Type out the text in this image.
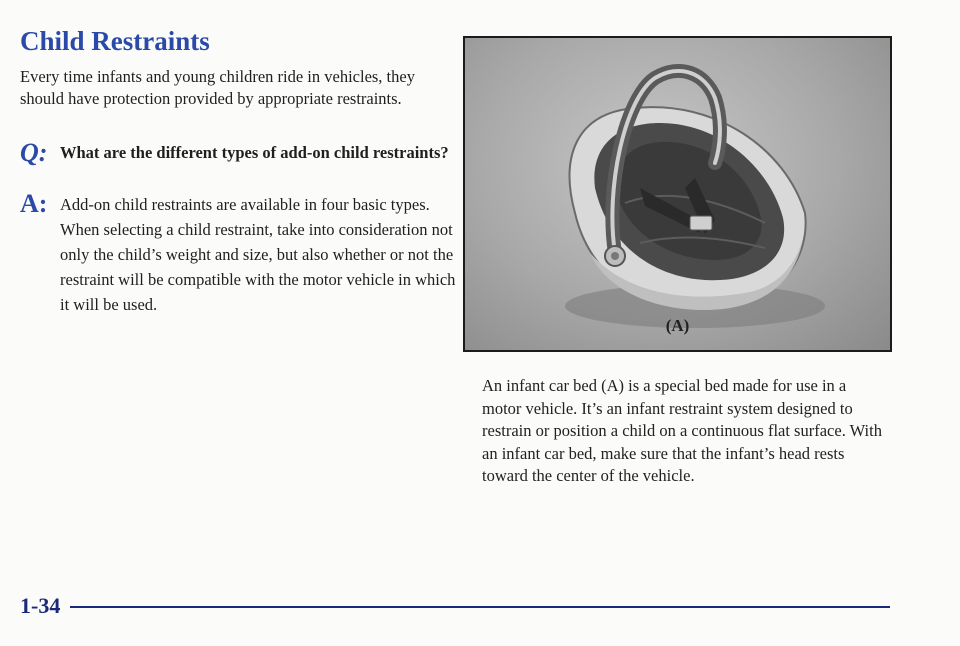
Child Restraints

Every time infants and young children ride in vehicles, they should have protection provided by appropriate restraints.

Q: What are the different types of add-on child restraints?
A: Add-on child restraints are available in four basic types. When selecting a child restraint, take into consideration not only the child’s weight and size, but also whether or not the restraint will be compatible with the motor vehicle in which it will be used.
(A)

An infant car bed (A) is a special bed made for use in a motor vehicle. It’s an infant restraint system designed to restrain or position a child on a continuous flat surface. With an infant car bed, make sure that the infant’s head rests toward the center of the vehicle.

1-34
